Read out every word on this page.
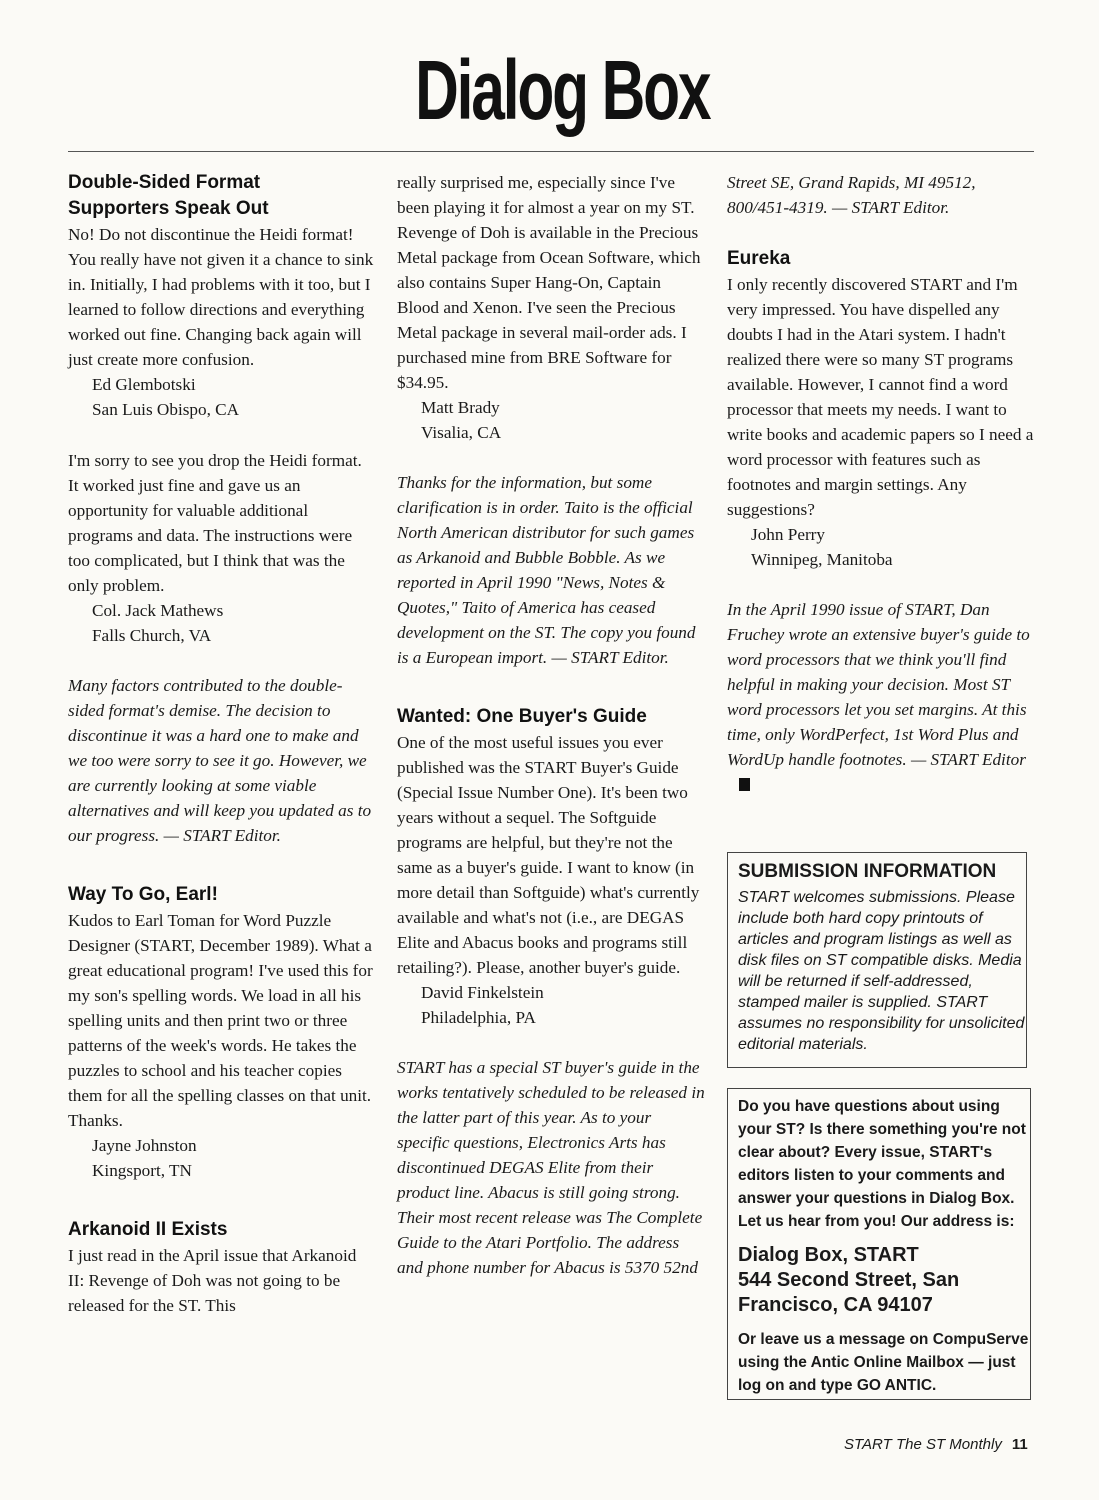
Dialog Box
Double-Sided Format Supporters Speak Out

No! Do not discontinue the Heidi format! You really have not given it a chance to sink in. Initially, I had problems with it too, but I learned to follow directions and everything worked out fine. Changing back again will just create more confusion.

Ed Glembotski

San Luis Obispo, CA

I'm sorry to see you drop the Heidi format. It worked just fine and gave us an opportunity for valuable additional programs and data. The instructions were too complicated, but I think that was the only problem.

Col. Jack Mathews

Falls Church, VA

Many factors contributed to the double-sided format's demise. The decision to discontinue it was a hard one to make and we too were sorry to see it go. However, we are currently looking at some viable alternatives and will keep you updated as to our progress. — START Editor.

Way To Go, Earl!

Kudos to Earl Toman for Word Puzzle Designer (START, December 1989). What a great educational program! I've used this for my son's spelling words. We load in all his spelling units and then print two or three patterns of the week's words. He takes the puzzles to school and his teacher copies them for all the spelling classes on that unit. Thanks.

Jayne Johnston

Kingsport, TN

Arkanoid II Exists

I just read in the April issue that Arkanoid II: Revenge of Doh was not going to be released for the ST. This

really surprised me, especially since I've been playing it for almost a year on my ST. Revenge of Doh is available in the Precious Metal package from Ocean Software, which also contains Super Hang-On, Captain Blood and Xenon. I've seen the Precious Metal package in several mail-order ads. I purchased mine from BRE Software for $34.95.

Matt Brady

Visalia, CA

Thanks for the information, but some clarification is in order. Taito is the official North American distributor for such games as Arkanoid and Bubble Bobble. As we reported in April 1990 "News, Notes & Quotes," Taito of America has ceased development on the ST. The copy you found is a European import. — START Editor.

Wanted: One Buyer's Guide

One of the most useful issues you ever published was the START Buyer's Guide (Special Issue Number One). It's been two years without a sequel. The Softguide programs are helpful, but they're not the same as a buyer's guide. I want to know (in more detail than Softguide) what's currently available and what's not (i.e., are DEGAS Elite and Abacus books and programs still retailing?). Please, another buyer's guide.

David Finkelstein

Philadelphia, PA

START has a special ST buyer's guide in the works tentatively scheduled to be released in the latter part of this year. As to your specific questions, Electronics Arts has discontinued DEGAS Elite from their product line. Abacus is still going strong. Their most recent release was The Complete Guide to the Atari Portfolio. The address and phone number for Abacus is 5370 52nd

Street SE, Grand Rapids, MI 49512, 800/451-4319. — START Editor.

Eureka

I only recently discovered START and I'm very impressed. You have dispelled any doubts I had in the Atari system. I hadn't realized there were so many ST programs available. However, I cannot find a word processor that meets my needs. I want to write books and academic papers so I need a word processor with features such as footnotes and margin settings. Any suggestions?

John Perry

Winnipeg, Manitoba

In the April 1990 issue of START, Dan Fruchey wrote an extensive buyer's guide to word processors that we think you'll find helpful in making your decision. Most ST word processors let you set margins. At this time, only WordPerfect, 1st Word Plus and WordUp handle footnotes. — START Editor

SUBMISSION INFORMATION

START welcomes submissions. Please include both hard copy printouts of articles and program listings as well as disk files on ST compatible disks. Media will be returned if self-addressed, stamped mailer is supplied. START assumes no responsibility for unsolicited editorial materials.

Do you have questions about using your ST? Is there something you're not clear about? Every issue, START's editors listen to your comments and answer your questions in Dialog Box. Let us hear from you! Our address is:

Dialog Box, START
544 Second Street, San Francisco, CA 94107

Or leave us a message on CompuServe using the Antic Online Mailbox — just log on and type GO ANTIC.

START The ST Monthly 11
